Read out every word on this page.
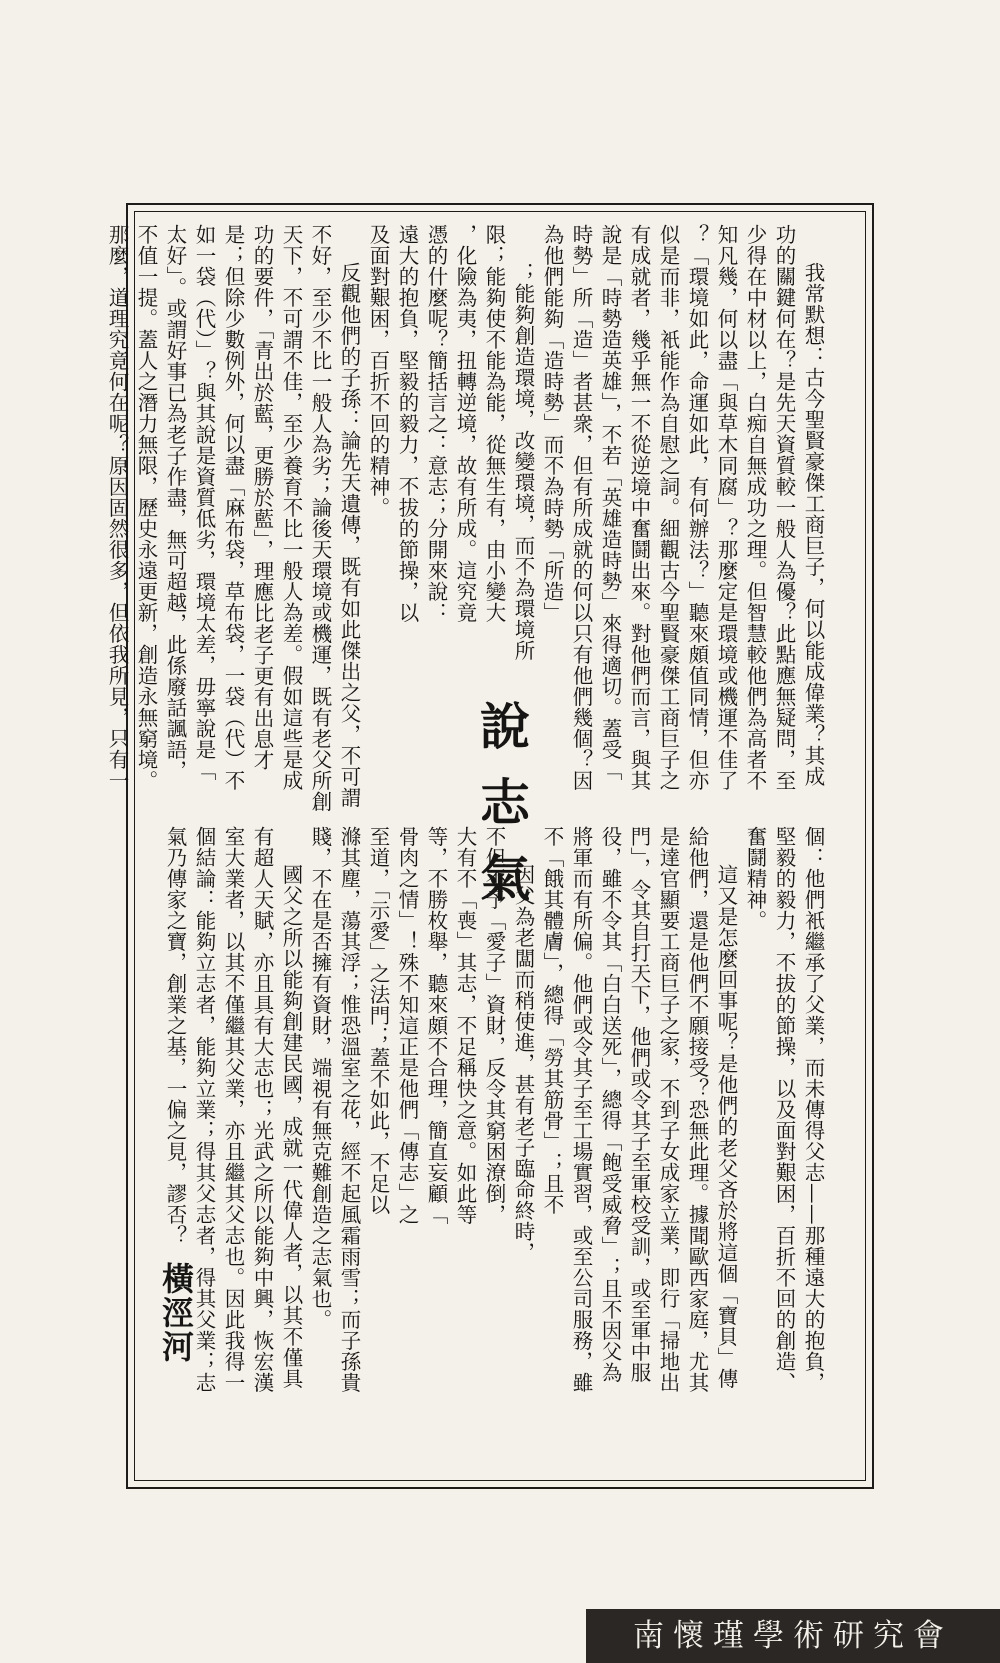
我常默想：古今聖賢豪傑工商巨子，何以能成偉業？其成
功的關鍵何在？是先天資質較一般人為優？此點應無疑問，至
少得在中材以上，白痴自無成功之理。但智慧較他們為高者不
知凡幾，何以盡「與草木同腐」？那麼定是環境或機運不佳了
？「環境如此，命運如此，有何辦法？」聽來頗值同情，但亦
似是而非，衹能作為自慰之詞。細觀古今聖賢豪傑工商巨子之
有成就者，幾乎無一不從逆境中奮鬪出來。對他們而言，與其
說是「時勢造英雄」，不若「英雄造時勢」來得適切。蓋受「
時勢」所「造」者甚衆，但有所成就的何以只有他們幾個？因
為他們能夠「造時勢」而不為時勢「所造」
；能夠創造環境，改變環境，而不為環境所
限；能夠使不能為能，從無生有，由小變大
，化險為夷，扭轉逆境，故有所成。這究竟
憑的什麼呢？簡括言之：意志；分開來說：
遠大的抱負，堅毅的毅力，不拔的節操，以
及面對艱困，百折不回的精神。
反觀他們的子孫：論先天遺傳，既有如此傑出之父，不可謂
不好，至少不比一般人為劣；論後天環境或機運，既有老父所創
天下，不可謂不佳，至少養育不比一般人為差。假如這些是成
功的要件，「青出於藍，更勝於藍」，理應比老子更有出息才
是；但除少數例外，何以盡「麻布袋，草布袋，一袋（代）不
如一袋（代）」？與其說是資質低劣，環境太差，毋寧說是「
太好」。或謂好事已為老子作盡，無可超越，此係廢話諷語，
不值一提。蓋人之潛力無限，歷史永遠更新，創造永無窮境。
那麼，道理究竟何在呢？原因固然很多，但依我所見，只有一
個：他們衹繼承了父業，而未傳得父志——那種遠大的抱負，
堅毅的毅力，不拔的節操，以及面對艱困，百折不回的創造、
奮鬪精神。
這又是怎麼回事呢？是他們的老父吝於將這個「寶貝」傳
給他們，還是他們不願接受？恐無此理。據聞歐西家庭，尤其
是達官顯要工商巨子之家，不到子女成家立業，即行「掃地出
門」，令其自打天下，他們或令其子至軍校受訓，或至軍中服
役，雖不令其「白白送死」，總得「飽受威脅」；且不因父為
將軍而有所偏。他們或令其子至工場實習，或至公司服務，雖
不「餓其體膚」，總得「勞其筋骨」；且不
因父為老闆而稍使進，甚有老子臨命終時，
不但不予「愛子」資財，反令其窮困潦倒，
大有不「喪」其志，不足稱快之意。如此等
等，不勝枚舉，聽來頗不合理，簡直妄顧「
骨肉之情」！殊不知這正是他們「傳志」之
至道，「示愛」之法門；蓋不如此，不足以
滌其塵，蕩其浮；惟恐溫室之花，經不起風霜雨雪；而子孫貴
賤，不在是否擁有資財，端視有無克難創造之志氣也。
國父之所以能夠創建民國，成就一代偉人者，以其不僅具
有超人天賦，亦且具有大志也；光武之所以能夠中興，恢宏漢
室大業者，以其不僅繼其父業，亦且繼其父志也。因此我得一
個結論：能夠立志者，能夠立業；得其父志者，得其父業；志
氣乃傳家之寶，創業之基，一偏之見，謬否？
說志氣
橫涇河
南懷瑾學術研究會
